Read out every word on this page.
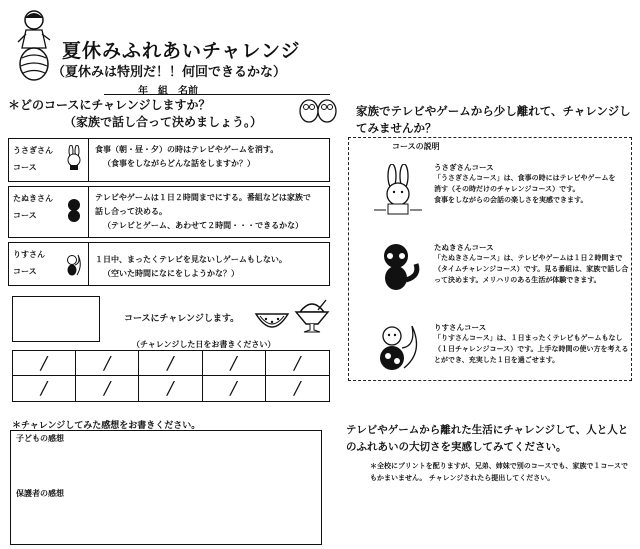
夏休みふれあいチャレンジ
（夏休みは特別だ！！何回できるかな）
年　組　名前
＊どのコースにチャレンジしますか？
（家族で話し合って決めましょう。）
うさぎさん
コース
食事（朝・昼・夕）の時はテレビやゲームを消す。
（食事をしながらどんな話をしますか？）
たぬきさん
コース
テレビやゲームは１日２時間までにする。番組などは家族で
話し合って決める。
（テレビとゲーム、あわせて２時間・・・できるかな）
りすさん
コース
１日中、まったくテレビを見ないしゲームもしない。
（空いた時間になにをしようかな？）
コースにチャレンジします。
（チャレンジした日をお書きください）
/	/	/	/	/
/	/	/	/	/
＊チャレンジしてみた感想をお書きください。
子どもの感想
保護者の感想
家族でテレビやゲームから少し離れて、チャレンジしてみませんか？
コースの説明
うさぎさんコース
「うさぎさんコース」は、食事の時にはテレビやゲームを
消す（その時だけのチャレンジコース）です。
食事をしながらの会話の楽しさを実感できます。
たぬきさんコース
「たぬきさんコース」は、テレビやゲームは１日２時間まで
（タイムチャレンジコース）です。見る番組は、家族で話し合
って決めます。メリハリのある生活が体験できます。
りすさんコース
「りすさんコース」は、１日まったくテレビもゲームもなし
（１日チャレンジコース）です。上手な時間の使い方を考える
とができ、充実した１日を過ごせます。
テレビやゲームから離れた生活にチャレンジして、人と人とのふれあいの大切さを実感してみてください。
＊全校にプリントを配りますが、兄弟、姉妹で別のコースでも、家族で１コースでもかまいません。 チャレンジされたら提出してください。
